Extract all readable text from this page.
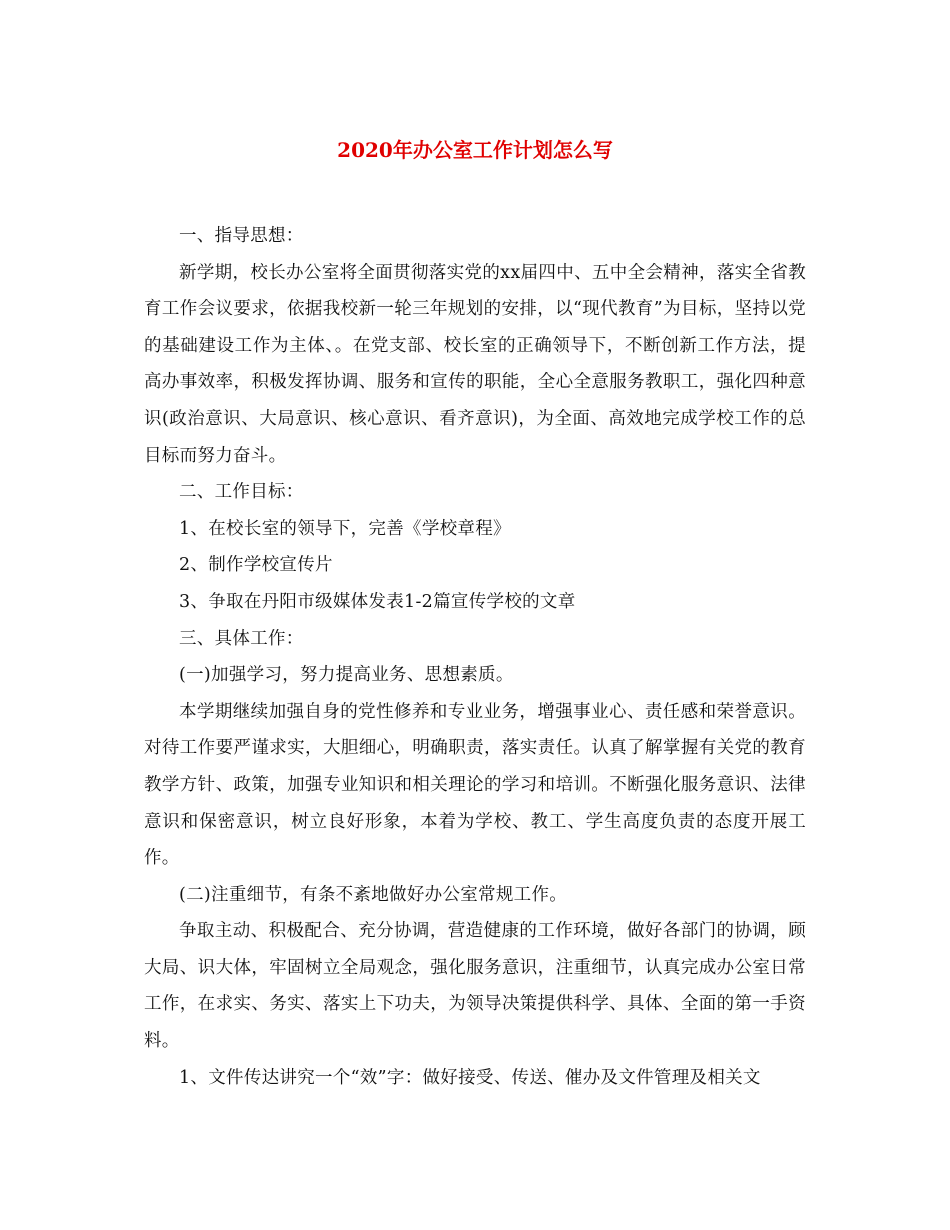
2020年办公室工作计划怎么写

一、指导思想：

新学期，校长办公室将全面贯彻落实党的xx届四中、五中全会精神，落实全省教育工作会议要求，依据我校新一轮三年规划的安排，以“现代教育”为目标，坚持以党的基础建设工作为主体、。在党支部、校长室的正确领导下，不断创新工作方法，提高办事效率，积极发挥协调、服务和宣传的职能，全心全意服务教职工，强化四种意识(政治意识、大局意识、核心意识、看齐意识)，为全面、高效地完成学校工作的总目标而努力奋斗。

二、工作目标：

1、在校长室的领导下，完善《学校章程》

2、制作学校宣传片

3、争取在丹阳市级媒体发表1-2篇宣传学校的文章

三、具体工作：

(一)加强学习，努力提高业务、思想素质。

本学期继续加强自身的党性修养和专业业务，增强事业心、责任感和荣誉意识。对待工作要严谨求实，大胆细心，明确职责，落实责任。认真了解掌握有关党的教育教学方针、政策，加强专业知识和相关理论的学习和培训。不断强化服务意识、法律意识和保密意识，树立良好形象，本着为学校、教工、学生高度负责的态度开展工作。

(二)注重细节，有条不紊地做好办公室常规工作。

争取主动、积极配合、充分协调，营造健康的工作环境，做好各部门的协调，顾大局、识大体，牢固树立全局观念，强化服务意识，注重细节，认真完成办公室日常工作，在求实、务实、落实上下功夫，为领导决策提供科学、具体、全面的第一手资料。

1、文件传达讲究一个“效”字：做好接受、传送、催办及文件管理及相关文
